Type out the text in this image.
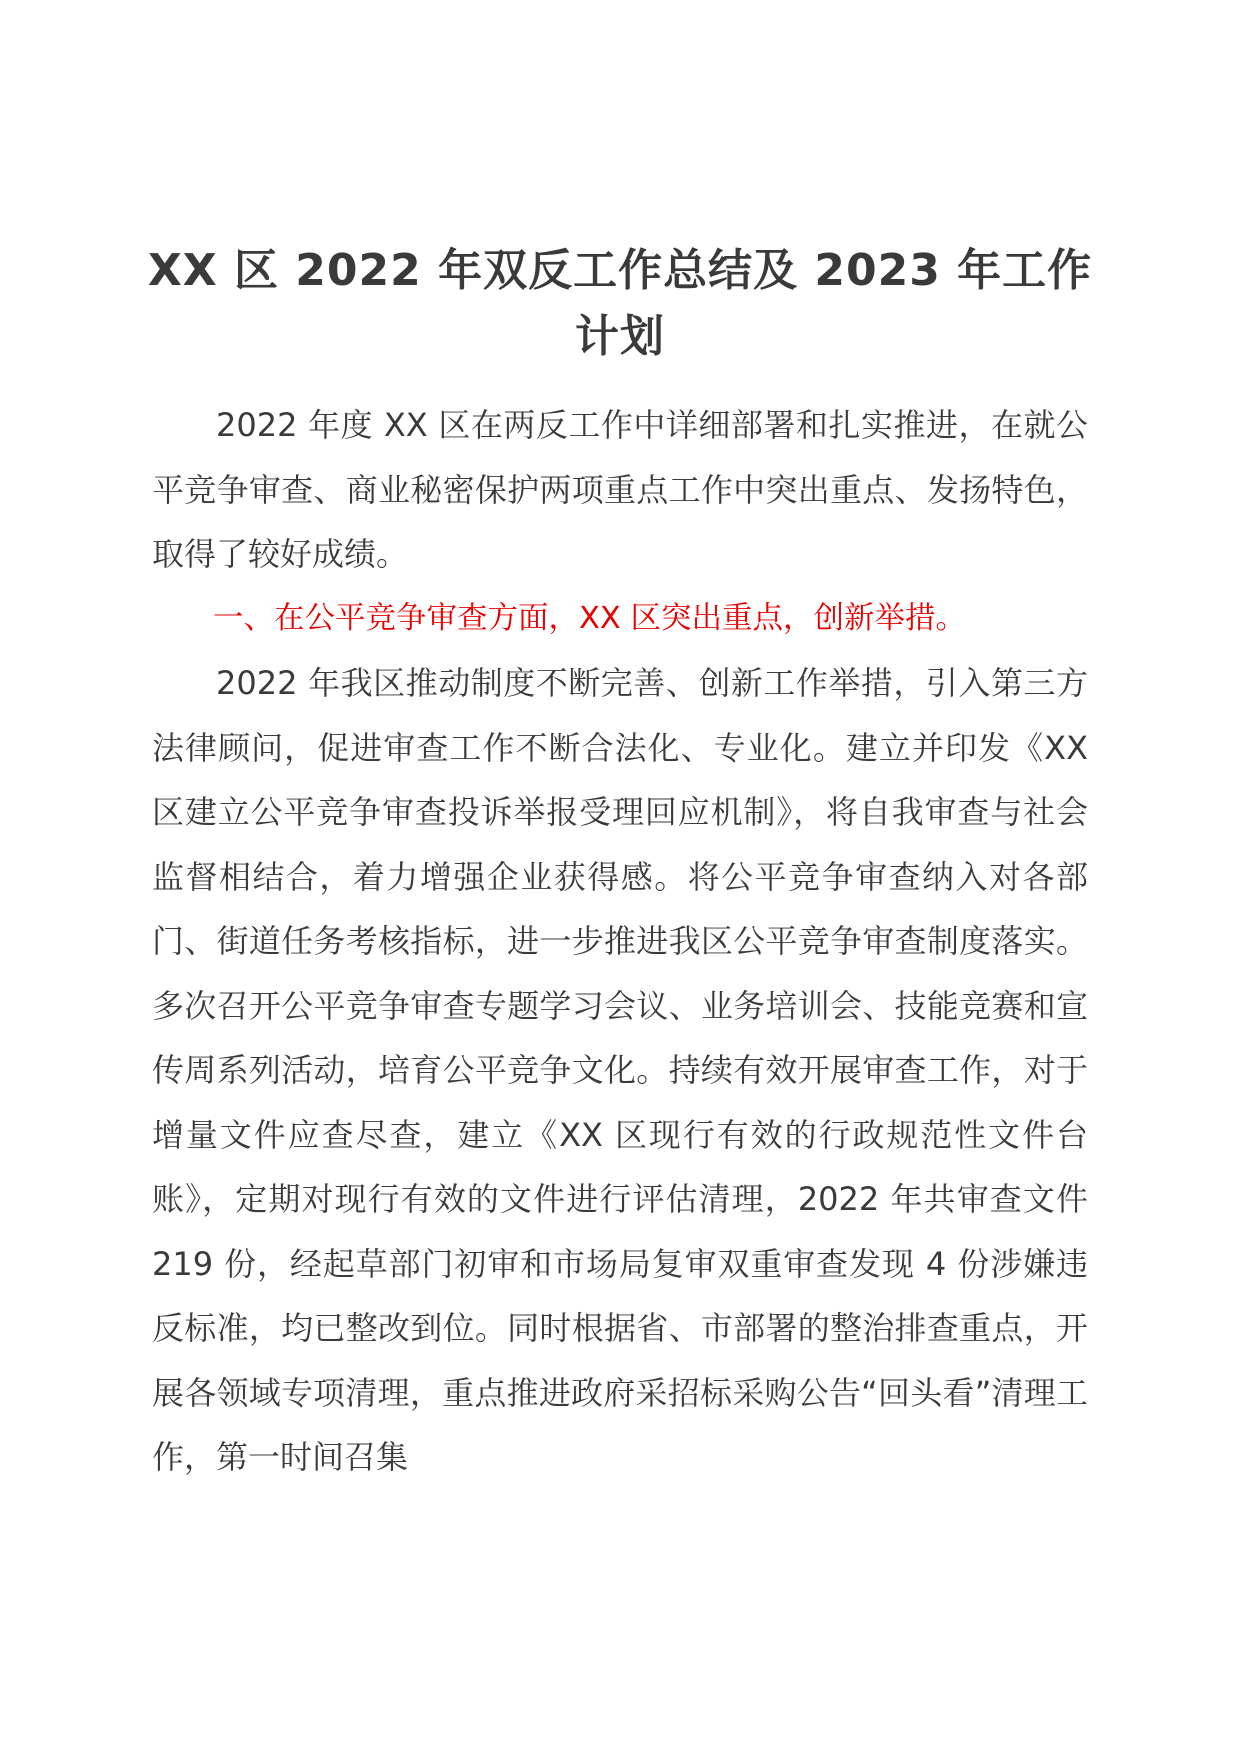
XX 区 2022 年双反工作总结及 2023 年工作计划

2022 年度 XX 区在两反工作中详细部署和扎实推进，在就公平竞争审查、商业秘密保护两项重点工作中突出重点、发扬特色，取得了较好成绩。

一、在公平竞争审查方面，XX 区突出重点，创新举措。

2022 年我区推动制度不断完善、创新工作举措，引入第三方法律顾问，促进审查工作不断合法化、专业化。建立并印发《XX 区建立公平竞争审查投诉举报受理回应机制》，将自我审查与社会监督相结合，着力增强企业获得感。将公平竞争审查纳入对各部门、街道任务考核指标，进一步推进我区公平竞争审查制度落实。多次召开公平竞争审查专题学习会议、业务培训会、技能竞赛和宣传周系列活动，培育公平竞争文化。持续有效开展审查工作，对于增量文件应查尽查，建立《XX 区现行有效的行政规范性文件台账》，定期对现行有效的文件进行评估清理，2022 年共审查文件 219 份，经起草部门初审和市场局复审双重审查发现 4 份涉嫌违反标准，均已整改到位。同时根据省、市部署的整治排查重点，开展各领域专项清理，重点推进政府采招标采购公告“回头看”清理工作，第一时间召集
